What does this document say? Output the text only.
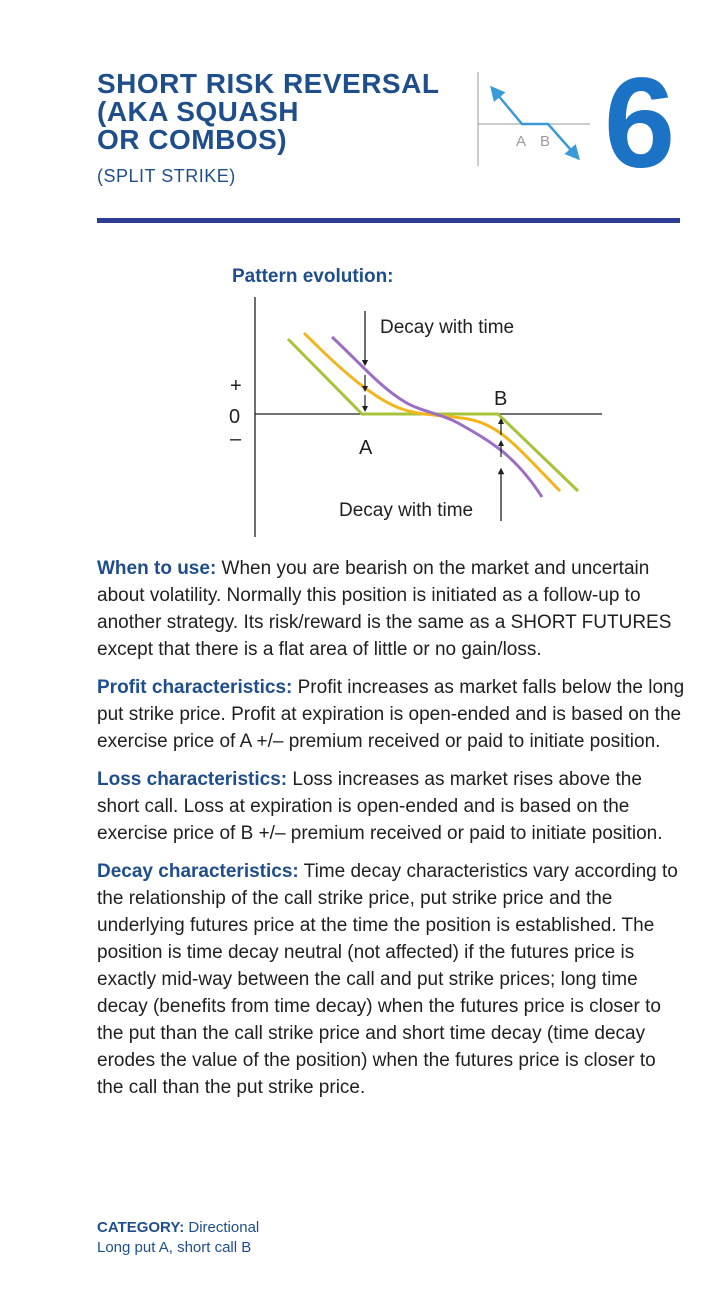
SHORT RISK REVERSAL
(AKA SQUASH
OR COMBOS)
(SPLIT STRIKE)
A B 6
Pattern evolution:
+
0
–	A
B
Decay with time
Decay with time

When to use: When you are bearish on the market and uncertain about volatility. Normally this position is initiated as a follow-up to another strategy. Its risk/reward is the same as a SHORT FUTURES except that there is a flat area of little or no gain/loss.

Profit characteristics: Profit increases as market falls below the long put strike price. Profit at expiration is open-ended and is based on the exercise price of A +/– premium received or paid to initiate position.

Loss characteristics: Loss increases as market rises above the short call. Loss at expiration is open-ended and is based on the exercise price of B +/– premium received or paid to initiate position.

Decay characteristics: Time decay characteristics vary according to the relationship of the call strike price, put strike price and the underlying futures price at the time the position is established. The position is time decay neutral (not affected) if the futures price is exactly mid-way between the call and put strike prices; long time decay (benefits from time decay) when the futures price is closer to the put than the call strike price and short time decay (time decay erodes the value of the position) when the futures price is closer to the call than the put strike price.

CATEGORY: Directional
Long put A, short call B
